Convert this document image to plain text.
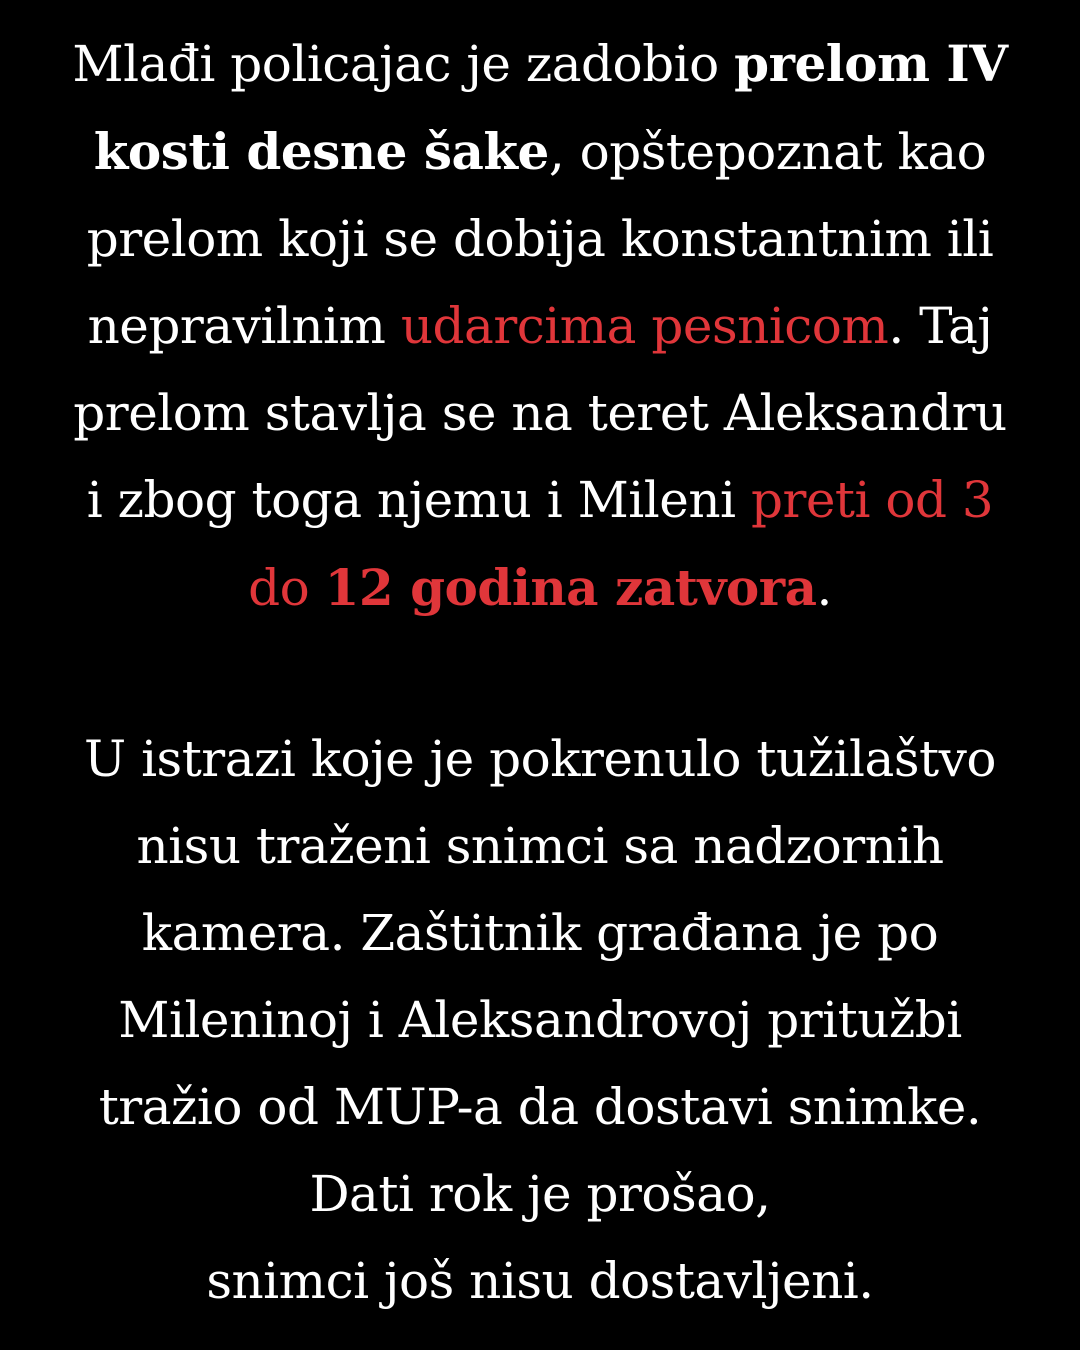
Mlađi policajac je zadobio prelom IV
kosti desne šake, opštepoznat kao
prelom koji se dobija konstantnim ili
nepravilnim udarcima pesnicom. Taj
prelom stavlja se na teret Aleksandru
i zbog toga njemu i Mileni preti od 3
do 12 godina zatvora.

U istrazi koje je pokrenulo tužilaštvo
nisu traženi snimci sa nadzornih
kamera. Zaštitnik građana je po
Mileninoj i Aleksandrovoj pritužbi
tražio od MUP-a da dostavi snimke.
Dati rok je prošao,
snimci još nisu dostavljeni.
